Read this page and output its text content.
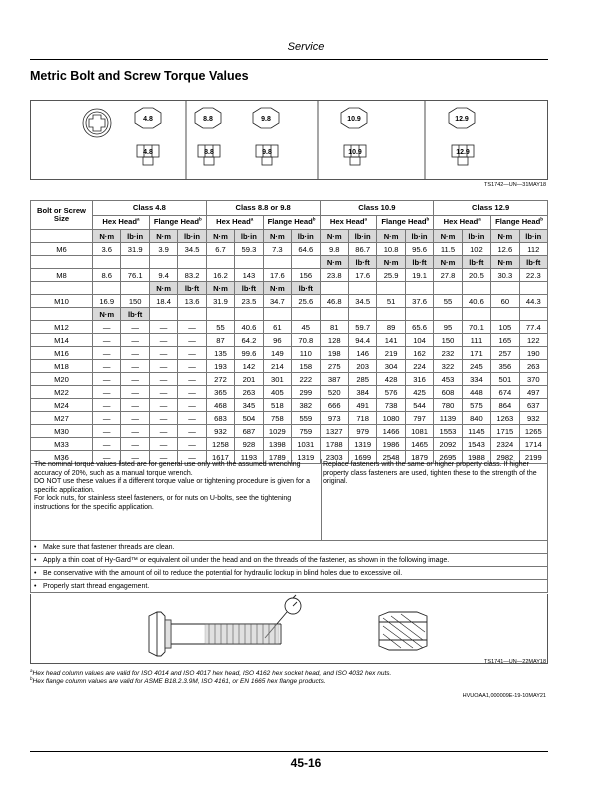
Service
Metric Bolt and Screw Torque Values
4.8
4.8
8.8
8.8
9.8
9.8
10.9
10.9
12.9
12.9
TS1742—UN—31MAY18
Bolt or Screw Size	Class 4.8				Class 8.8 or 9.8				Class 10.9				Class 12.9			
	Hex Head$^a$		Flange Head$^b$		Hex Head$^a$		Flange Head$^b$		Hex Head$^a$		Flange Head$^b$		Hex Head$^a$		Flange Head$^b$
	N·m	lb·in	N·m	lb·in	N·m	lb·in	N·m	lb·in	N·m	lb·in	N·m	lb·in	N·m	lb·in	N·m	lb·in
M6	3.6	31.9	3.9	34.5	6.7	59.3	7.3	64.6	9.8	86.7	10.8	95.6	11.5	102	12.6	112
									N·m	lb·ft	N·m	lb·ft	N·m	lb·ft	N·m	lb·ft
M8	8.6	76.1	9.4	83.2	16.2	143	17.6	156	23.8	17.6	25.9	19.1	27.8	20.5	30.3	22.3
			N·m	lb·ft	N·m	lb·ft	N·m	lb·ft								
M10	16.9	150	18.4	13.6	31.9	23.5	34.7	25.6	46.8	34.5	51	37.6	55	40.6	60	44.3
	N·m	lb·ft														
M12	—	—	—	—	55	40.6	61	45	81	59.7	89	65.6	95	70.1	105	77.4
M14	—	—	—	—	87	64.2	96	70.8	128	94.4	141	104	150	111	165	122
M16	—	—	—	—	135	99.6	149	110	198	146	219	162	232	171	257	190
M18	—	—	—	—	193	142	214	158	275	203	304	224	322	245	356	263
M20	—	—	—	—	272	201	301	222	387	285	428	316	453	334	501	370
M22	—	—	—	—	365	263	405	299	520	384	576	425	608	448	674	497
M24	—	—	—	—	468	345	518	382	666	491	738	544	780	575	864	637
M27	—	—	—	—	683	504	758	559	973	718	1080	797	1139	840	1263	932
M30	—	—	—	—	932	687	1029	759	1327	979	1466	1081	1553	1145	1715	1265
M33	—	—	—	—	1258	928	1398	1031	1788	1319	1986	1465	2092	1543	2324	1714
M36	—	—	—	—	1617	1193	1789	1319	2303	1699	2548	1879	2695	1988	2982	2199
The nominal torque values listed are for general use only with the assumed wrenching accuracy of 20%, such as a manual torque wrench.
DO NOT use these values if a different torque value or tightening procedure is given for a specific application.
For lock nuts, for stainless steel fasteners, or for nuts on U-bolts, see the tightening instructions for the specific application.
Replace fasteners with the same or higher property class. If higher property class fasteners are used, tighten these to the strength of the original.
• Make sure that fastener threads are clean.
• Apply a thin coat of Hy-Gard™ or equivalent oil under the head and on the threads of the fastener, as shown in the following image.
• Be conservative with the amount of oil to reduce the potential for hydraulic lockup in blind holes due to excessive oil.
• Properly start thread engagement.
TS1741—UN—22MAY18
$^a$Hex head column values are valid for ISO 4014 and ISO 4017 hex head, ISO 4162 hex socket head, and ISO 4032 hex nuts.
$^b$Hex flange column values are valid for ASME B18.2.3.9M, ISO 4161, or EN 1665 hex flange products.
HVUOAA1,000009E-19-10MAY21
45-16
